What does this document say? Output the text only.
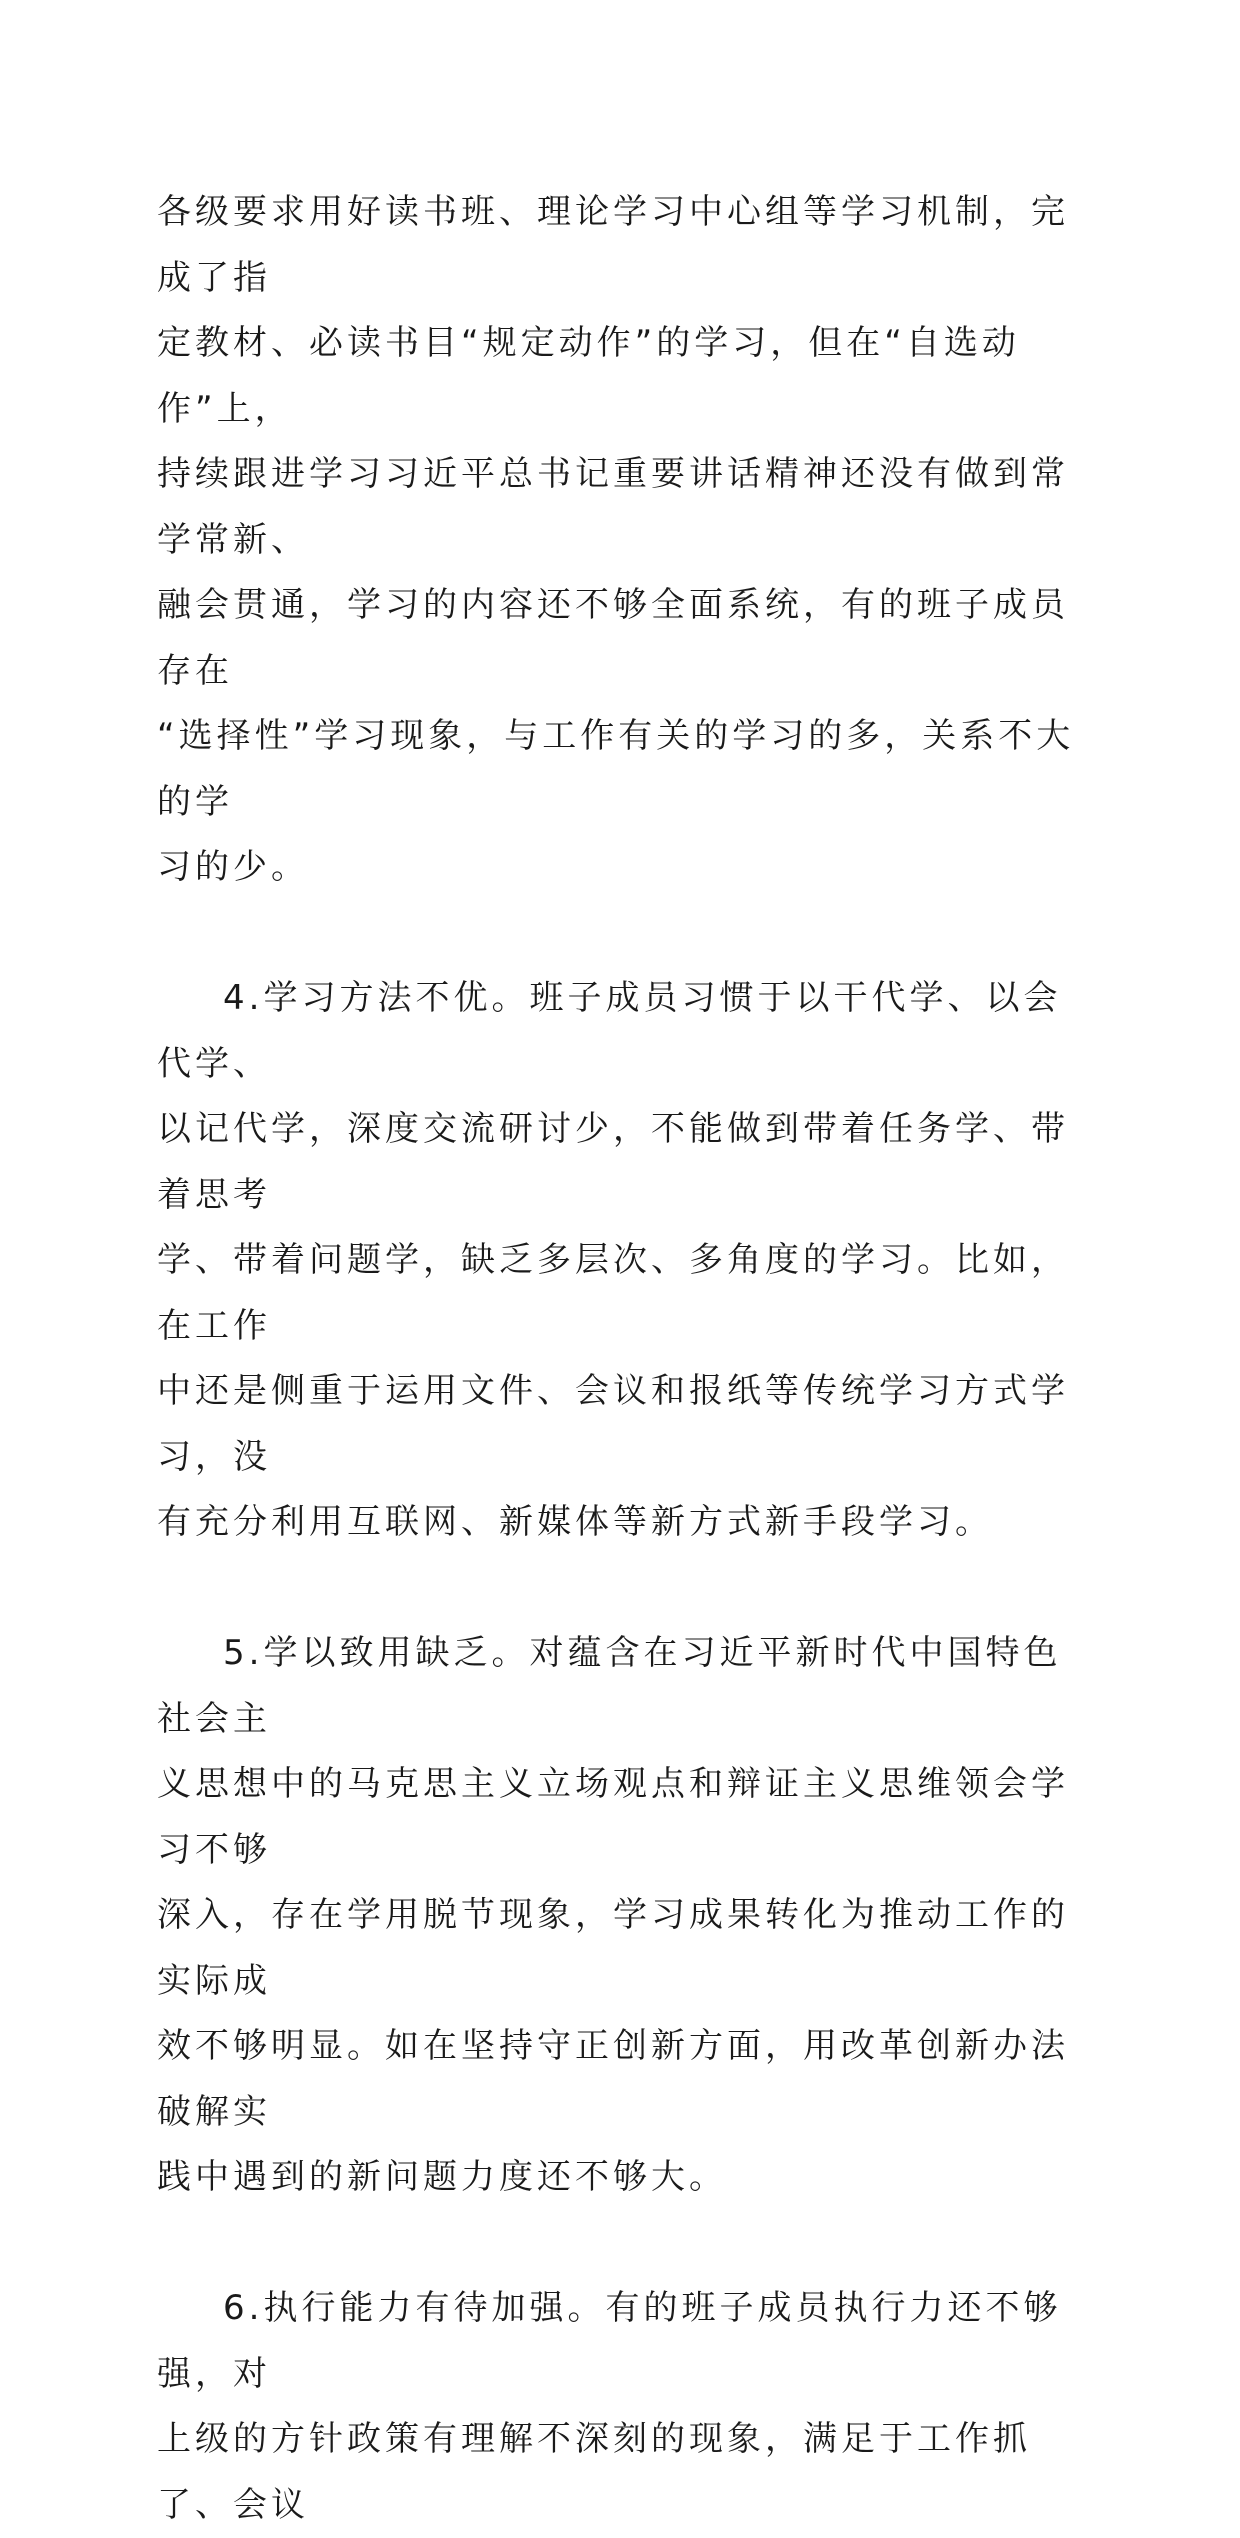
各级要求用好读书班、理论学习中心组等学习机制，完成了指
定教材、必读书目“规定动作”的学习，但在“自选动作”上，
持续跟进学习习近平总书记重要讲话精神还没有做到常学常新、
融会贯通，学习的内容还不够全面系统，有的班子成员存在
“选择性”学习现象，与工作有关的学习的多，关系不大的学
习的少。

4.学习方法不优。班子成员习惯于以干代学、以会代学、
以记代学，深度交流研讨少，不能做到带着任务学、带着思考
学、带着问题学，缺乏多层次、多角度的学习。比如，在工作
中还是侧重于运用文件、会议和报纸等传统学习方式学习，没
有充分利用互联网、新媒体等新方式新手段学习。

5.学以致用缺乏。对蕴含在习近平新时代中国特色社会主
义思想中的马克思主义立场观点和辩证主义思维领会学习不够
深入，存在学用脱节现象，学习成果转化为推动工作的实际成
效不够明显。如在坚持守正创新方面，用改革创新办法破解实
践中遇到的新问题力度还不够大。

6.执行能力有待加强。有的班子成员执行力还不够强，对
上级的方针政策有理解不深刻的现象，满足于工作抓了、会议
